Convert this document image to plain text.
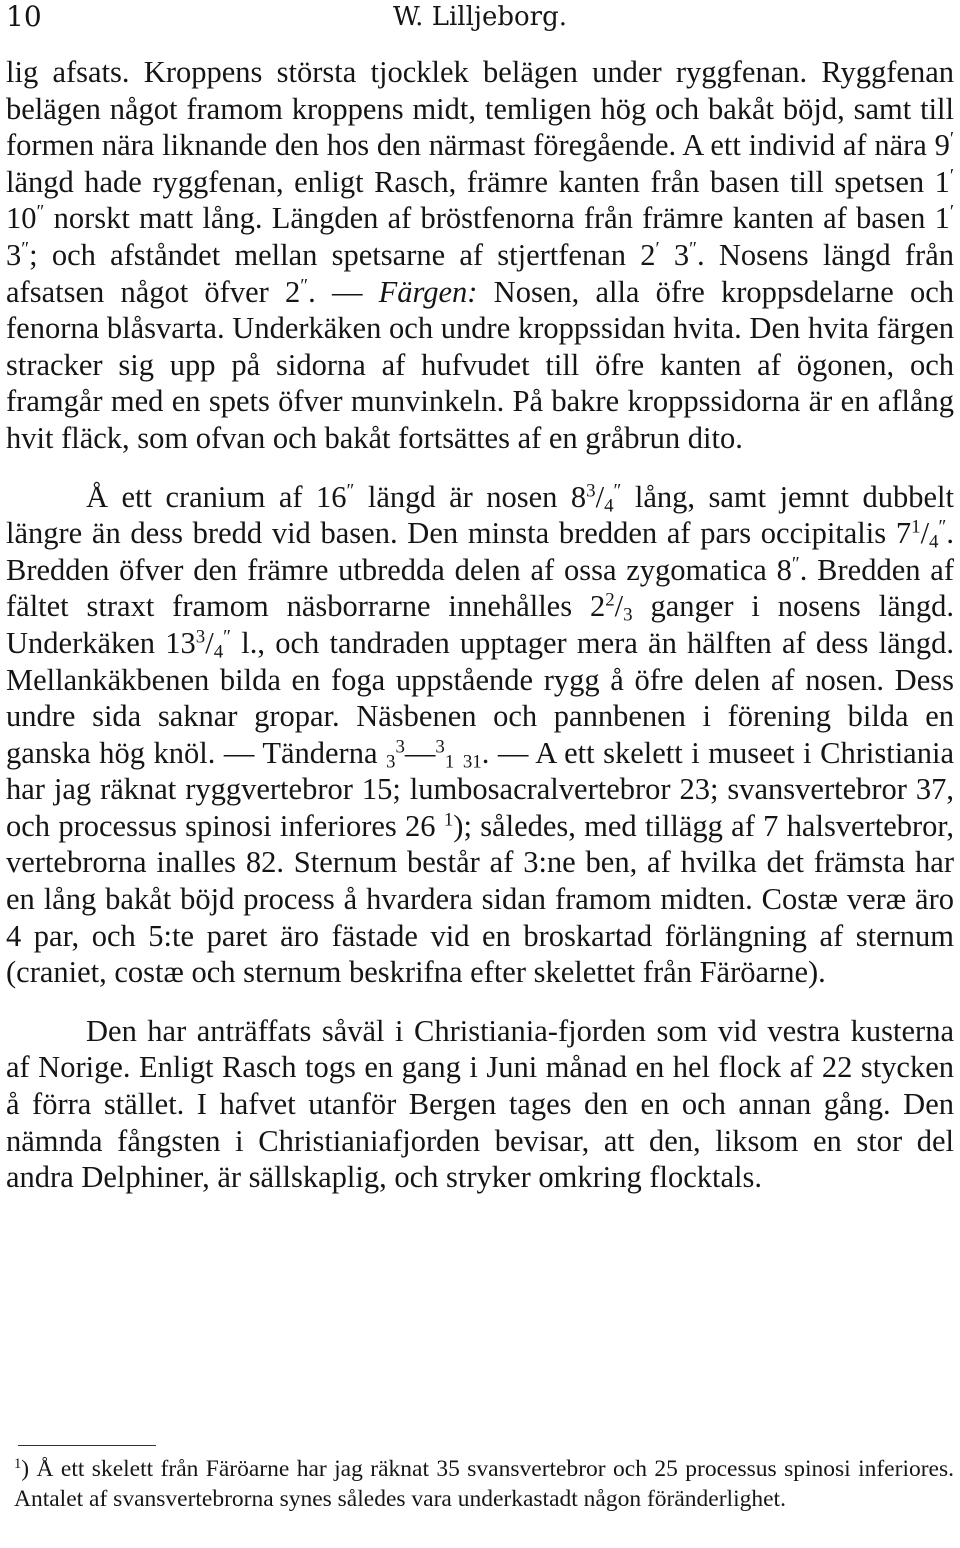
10	W. Lilljeborg.

lig afsats. Kroppens största tjocklek belägen under ryggfenan. Ryggfenan belägen något framom kroppens midt, temligen hög och bakåt böjd, samt till formen nära liknande den hos den närmast föregående. A ett individ af nära 9′ längd hade ryggfenan, enligt Rasch, främre kanten från basen till spetsen 1′ 10″ norskt matt lång. Längden af bröstfenorna från främre kanten af basen 1′ 3″; och afståndet mellan spetsarne af stjertfenan 2′ 3″. Nosens längd från afsatsen något öfver 2″. — Färgen: Nosen, alla öfre kroppsdelarne och fenorna blåsvarta. Underkäken och undre kroppssidan hvita. Den hvita färgen stracker sig upp på sidorna af hufvudet till öfre kanten af ögonen, och framgår med en spets öfver munvinkeln. På bakre kroppssidorna är en aflång hvit fläck, som ofvan och bakåt fortsättes af en gråbrun dito.

Å ett cranium af 16″ längd är nosen $8^3/_4''$ lång, samt jemnt dubbelt längre än dess bredd vid basen. Den minsta bredden af pars occipitalis $7^1/_4''$. Bredden öfver den främre utbredda delen af ossa zygomatica 8″. Bredden af fältet straxt framom näsborrarne innehålles $2^2/_3$ ganger i nosens längd. Underkäken $13^3/_4''$ l., och tandraden upptager mera än hälften af dess längd. Mellankäkbenen bilda en foga uppstående rygg å öfre delen af nosen. Dess undre sida saknar gropar. Näsbenen och pannbenen i förening bilda en ganska hög knöl. — Tänderna $_3^3$—$^3_1$ $_{31}$. — A ett skelett i museet i Christiania har jag räknat ryggvertebror 15; lumbosacralvertebror 23; svansvertebror 37, och processus spinosi inferiores 26 $^1$); således, med tillägg af 7 halsvertebror, vertebrorna inalles 82. Sternum består af 3:ne ben, af hvilka det främsta har en lång bakåt böjd process å hvardera sidan framom midten. Costæ veræ äro 4 par, och 5:te paret äro fästade vid en broskartad förlängning af sternum (craniet, costæ och sternum beskrifna efter skelettet från Färöarne).

Den har anträffats såväl i Christiania-fjorden som vid vestra kusterna af Norige. Enligt Rasch togs en gang i Juni månad en hel flock af 22 stycken å förra stället. I hafvet utanför Bergen tages den en och annan gång. Den nämnda fångsten i Christianiafjorden bevisar, att den, liksom en stor del andra Delphiner, är sällskaplig, och stryker omkring flocktals.

$^1$) Å ett skelett från Färöarne har jag räknat 35 svansvertebror och 25 processus spinosi inferiores. Antalet af svansvertebrorna synes således vara underkastadt någon föränderlighet.
